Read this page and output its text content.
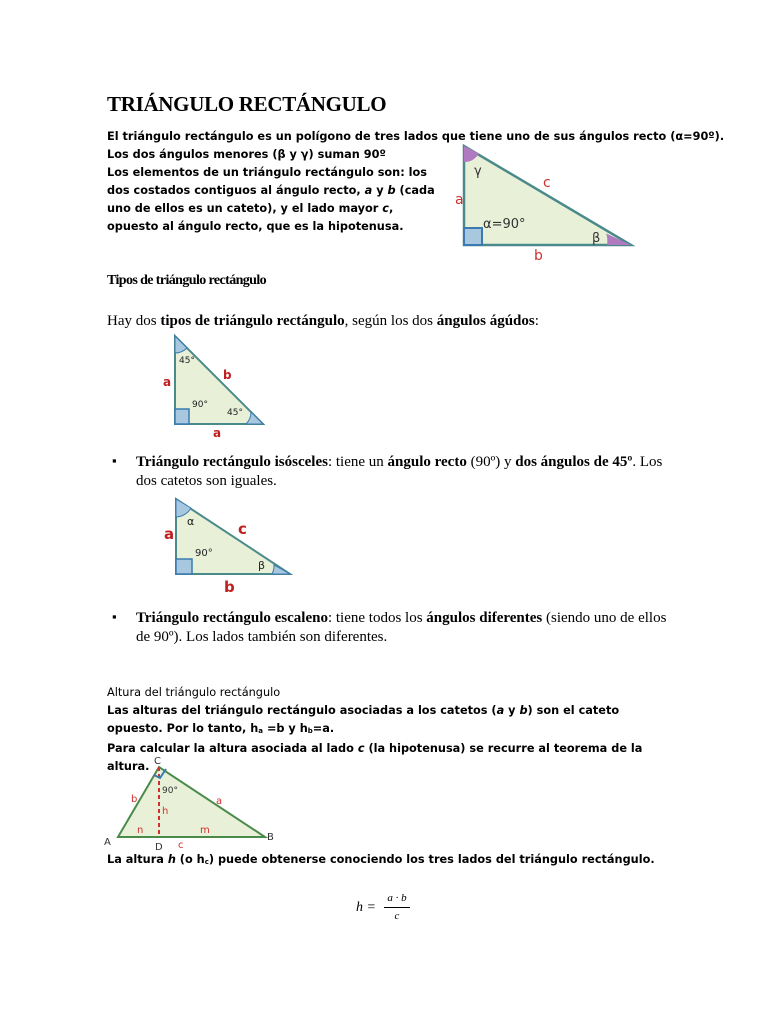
TRIÁNGULO RECTÁNGULO
El triángulo rectángulo es un polígono de tres lados que tiene uno de sus ángulos recto (α=90º).
Los dos ángulos menores (β y γ) suman 90º
Los elementos de un triángulo rectángulo son: los dos costados contiguos al ángulo recto, a y b (cada uno de ellos es un cateto), y el lado mayor c, opuesto al ángulo recto, que es la hipotenusa.
a
c
b
γ
β
α=90°
Tipos de triángulo rectángulo
Hay dos tipos de triángulo rectángulo, según los dos ángulos ágúdos:
a	b
a
45°
90°
45°
▪	Triángulo rectángulo isósceles: tiene un ángulo recto (90º) y dos ángulos de 45º. Los dos catetos son iguales.
a	c
b
α
90°
β
▪	Triángulo rectángulo escaleno: tiene todos los ángulos diferentes (siendo uno de ellos de 90º). Los lados también son diferentes.
Altura del triángulo rectángulo
Las alturas del triángulo rectángulo asociadas a los catetos (a y b) son el cateto opuesto. Por lo tanto, ha =b y hb=a.
Para calcular la altura asociada al lado c (la hipotenusa) se recurre al teorema de la altura. C
A	B
D
b	a
h
n	m
c
90°
La altura h (o hc) puede obtenerse conociendo los tres lados del triángulo rectángulo.
h =
a · b
c
